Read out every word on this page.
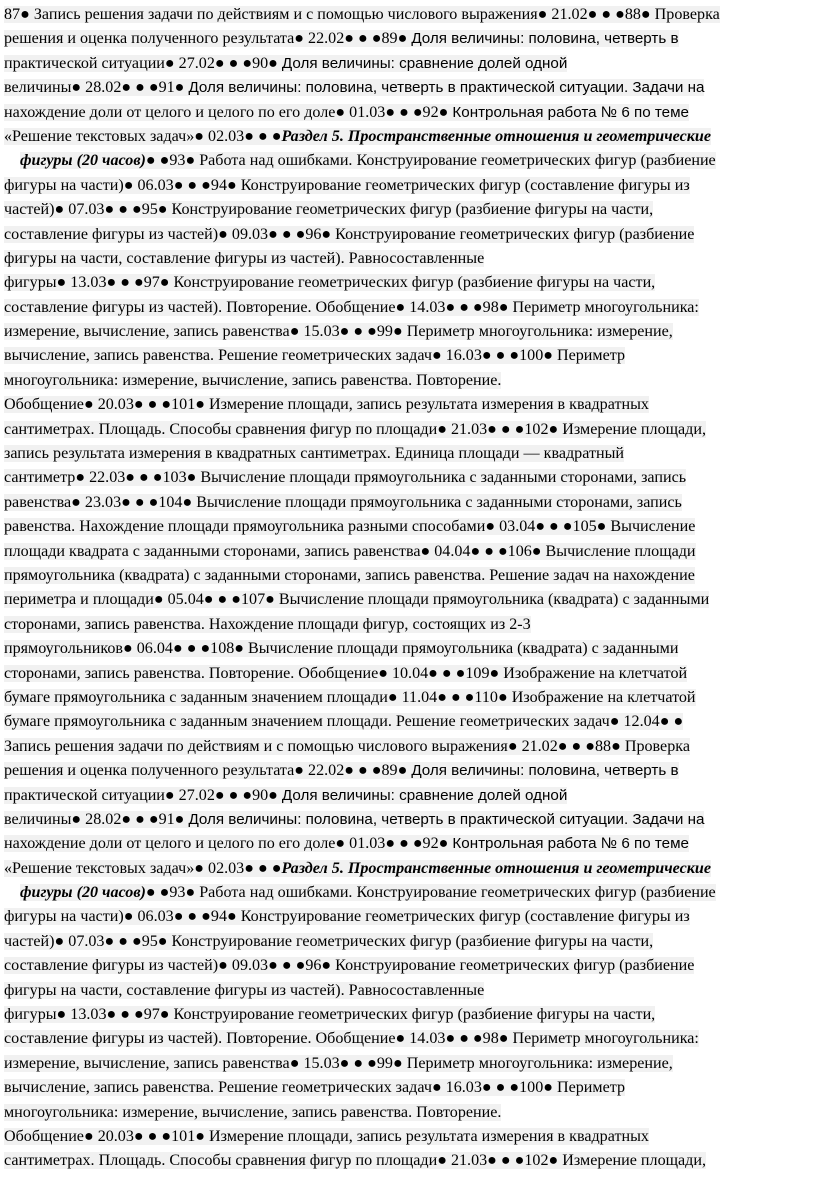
87● Запись решения задачи по действиям и с помощью числового выражения● 21.02● ● ●88● Проверка
решения и оценка полученного результата● 22.02● ● ●89● Доля величины: половина, четверть в
практической ситуации● 27.02● ● ●90● Доля величины: сравнение долей одной
величины● 28.02● ● ●91● Доля величины: половина, четверть в практической ситуации. Задачи на
нахождение доли от целого и целого по его доле● 01.03● ● ●92● Контрольная работа № 6 по теме
«Решение текстовых задач»● 02.03● ● ●Раздел 5. Пространственные отношения и геометрические
фигуры (20 часов)● ●93● Работа над ошибками. Конструирование геометрических фигур (разбиение
фигуры на части)● 06.03● ● ●94● Конструирование геометрических фигур (составление фигуры из
частей)● 07.03● ● ●95● Конструирование геометрических фигур (разбиение фигуры на части,
составление фигуры из частей)● 09.03● ● ●96● Конструирование геометрических фигур (разбиение
фигуры на части, составление фигуры из частей). Равносоставленные
фигуры● 13.03● ● ●97● Конструирование геометрических фигур (разбиение фигуры на части,
составление фигуры из частей). Повторение. Обобщение● 14.03● ● ●98● Периметр многоугольника:
измерение, вычисление, запись равенства● 15.03● ● ●99● Периметр многоугольника: измерение,
вычисление, запись равенства. Решение геометрических задач● 16.03● ● ●100● Периметр
многоугольника: измерение, вычисление, запись равенства. Повторение.
Обобщение● 20.03● ● ●101● Измерение площади, запись результата измерения в квадратных
сантиметрах. Площадь. Способы сравнения фигур по площади● 21.03● ● ●102● Измерение площади,
запись результата измерения в квадратных сантиметрах. Единица площади — квадратный
сантиметр● 22.03● ● ●103● Вычисление площади прямоугольника с заданными сторонами, запись
равенства● 23.03● ● ●104● Вычисление площади прямоугольника с заданными сторонами, запись
равенства. Нахождение площади прямоугольника разными способами● 03.04● ● ●105● Вычисление
площади квадрата с заданными сторонами, запись равенства● 04.04● ● ●106● Вычисление площади
прямоугольника (квадрата) с заданными сторонами, запись равенства. Решение задач на нахождение
периметра и площади● 05.04● ● ●107● Вычисление площади прямоугольника (квадрата) с заданными
сторонами, запись равенства. Нахождение площади фигур, состоящих из 2-3
прямоугольников● 06.04● ● ●108● Вычисление площади прямоугольника (квадрата) с заданными
сторонами, запись равенства. Повторение. Обобщение● 10.04● ● ●109● Изображение на клетчатой
бумаге прямоугольника с заданным значением площади● 11.04● ● ●110● Изображение на клетчатой
бумаге прямоугольника с заданным значением площади. Решение геометрических задач● 12.04● ●
Запись решения задачи по действиям и с помощью числового выражения● 21.02● ● ●88● Проверка
решения и оценка полученного результата● 22.02● ● ●89● Доля величины: половина, четверть в
практической ситуации● 27.02● ● ●90● Доля величины: сравнение долей одной
величины● 28.02● ● ●91● Доля величины: половина, четверть в практической ситуации. Задачи на
нахождение доли от целого и целого по его доле● 01.03● ● ●92● Контрольная работа № 6 по теме
«Решение текстовых задач»● 02.03● ● ●Раздел 5. Пространственные отношения и геометрические
фигуры (20 часов)● ●93● Работа над ошибками. Конструирование геометрических фигур (разбиение
фигуры на части)● 06.03● ● ●94● Конструирование геометрических фигур (составление фигуры из
частей)● 07.03● ● ●95● Конструирование геометрических фигур (разбиение фигуры на части,
составление фигуры из частей)● 09.03● ● ●96● Конструирование геометрических фигур (разбиение
фигуры на части, составление фигуры из частей). Равносоставленные
фигуры● 13.03● ● ●97● Конструирование геометрических фигур (разбиение фигуры на части,
составление фигуры из частей). Повторение. Обобщение● 14.03● ● ●98● Периметр многоугольника:
измерение, вычисление, запись равенства● 15.03● ● ●99● Периметр многоугольника: измерение,
вычисление, запись равенства. Решение геометрических задач● 16.03● ● ●100● Периметр
многоугольника: измерение, вычисление, запись равенства. Повторение.
Обобщение● 20.03● ● ●101● Измерение площади, запись результата измерения в квадратных
сантиметрах. Площадь. Способы сравнения фигур по площади● 21.03● ● ●102● Измерение площади,
